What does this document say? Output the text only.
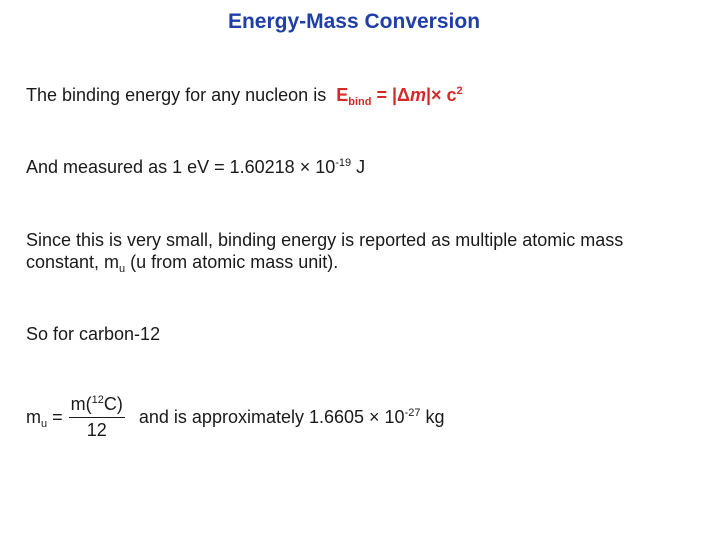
Energy-Mass Conversion
The binding energy for any nucleon is $E_{bind} = |\Delta m|\times c^2$
And measured as 1 eV = $1.60218 \times 10^{-19}$ J
Since this is very small, binding energy is reported as multiple atomic mass
constant, $m_u$ (u from atomic mass unit).
So for carbon-12
$m_u = \frac{m(^{12}C)}{12}$ and is approximately $1.6605 \times 10^{-27}$ kg
